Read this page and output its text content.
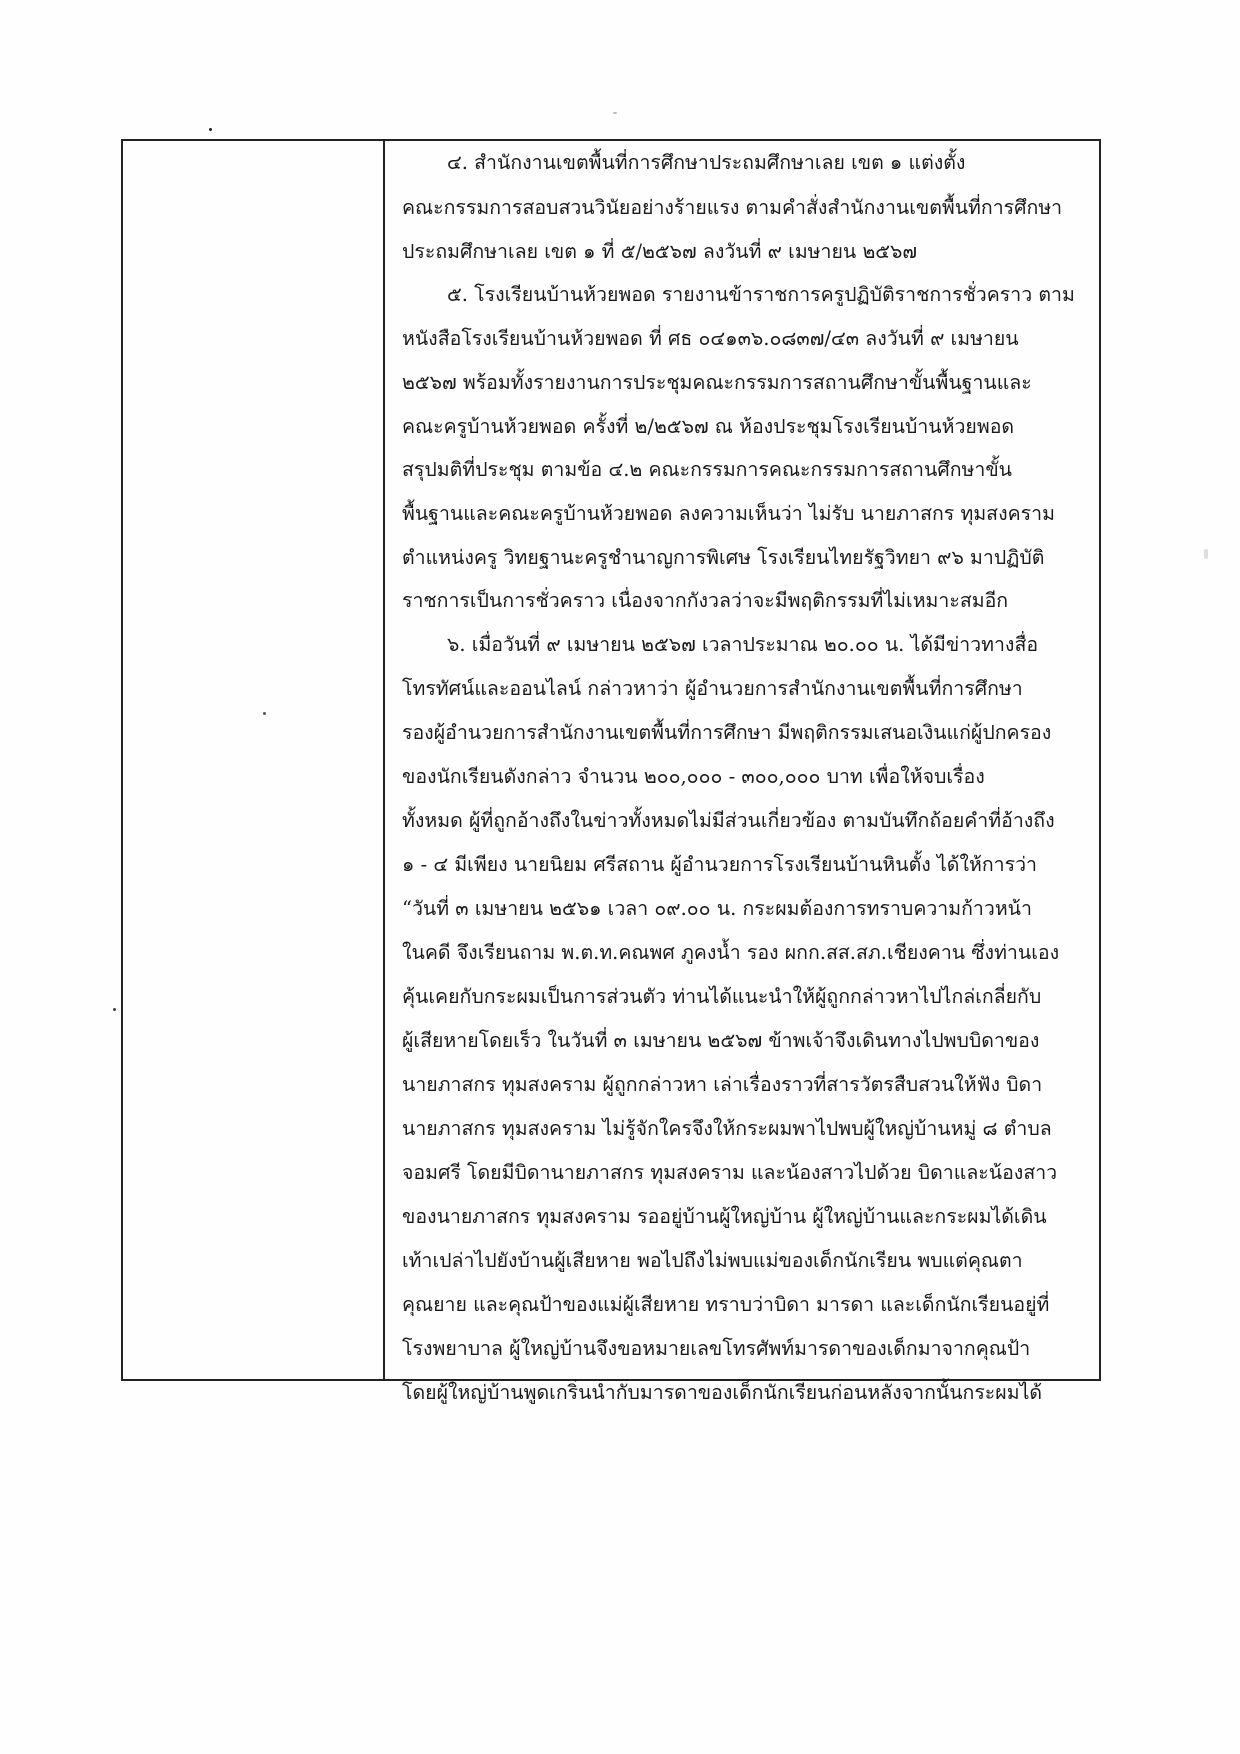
๔. สำนักงานเขตพื้นที่การศึกษาประถมศึกษาเลย เขต ๑ แต่งตั้ง
คณะกรรมการสอบสวนวินัยอย่างร้ายแรง ตามคำสั่งสำนักงานเขตพื้นที่การศึกษา
ประถมศึกษาเลย เขต ๑ ที่ ๕/๒๕๖๗ ลงวันที่ ๙ เมษายน ๒๕๖๗
๕. โรงเรียนบ้านห้วยพอด รายงานข้าราชการครูปฏิบัติราชการชั่วคราว ตาม
หนังสือโรงเรียนบ้านห้วยพอด ที่ ศธ ๐๔๑๓๖.๐๘๓๗/๔๓ ลงวันที่ ๙ เมษายน
๒๕๖๗ พร้อมทั้งรายงานการประชุมคณะกรรมการสถานศึกษาขั้นพื้นฐานและ
คณะครูบ้านห้วยพอด ครั้งที่ ๒/๒๕๖๗ ณ ห้องประชุมโรงเรียนบ้านห้วยพอด
สรุปมติที่ประชุม ตามข้อ ๔.๒ คณะกรรมการคณะกรรมการสถานศึกษาขั้น
พื้นฐานและคณะครูบ้านห้วยพอด ลงความเห็นว่า ไม่รับ นายภาสกร ทุมสงคราม
ตำแหน่งครู วิทยฐานะครูชำนาญการพิเศษ โรงเรียนไทยรัฐวิทยา ๙๖ มาปฏิบัติ
ราชการเป็นการชั่วคราว เนื่องจากกังวลว่าจะมีพฤติกรรมที่ไม่เหมาะสมอีก
๖. เมื่อวันที่ ๙ เมษายน ๒๕๖๗ เวลาประมาณ ๒๐.๐๐ น. ได้มีข่าวทางสื่อ
โทรทัศน์และออนไลน์ กล่าวหาว่า ผู้อำนวยการสำนักงานเขตพื้นที่การศึกษา
รองผู้อำนวยการสำนักงานเขตพื้นที่การศึกษา มีพฤติกรรมเสนอเงินแก่ผู้ปกครอง
ของนักเรียนดังกล่าว จำนวน ๒๐๐,๐๐๐ - ๓๐๐,๐๐๐ บาท เพื่อให้จบเรื่อง
ทั้งหมด ผู้ที่ถูกอ้างถึงในข่าวทั้งหมดไม่มีส่วนเกี่ยวข้อง ตามบันทึกถ้อยคำที่อ้างถึง
๑ - ๔ มีเพียง นายนิยม ศรีสถาน ผู้อำนวยการโรงเรียนบ้านหินตั้ง ได้ให้การว่า
“วันที่ ๓ เมษายน ๒๕๖๑ เวลา ๐๙.๐๐ น. กระผมต้องการทราบความก้าวหน้า
ในคดี จึงเรียนถาม พ.ต.ท.คณพศ ภูคงน้ำ รอง ผกก.สส.สภ.เชียงคาน ซึ่งท่านเอง
คุ้นเคยกับกระผมเป็นการส่วนตัว ท่านได้แนะนำให้ผู้ถูกกล่าวหาไปไกล่เกลี่ยกับ
ผู้เสียหายโดยเร็ว ในวันที่ ๓ เมษายน ๒๕๖๗ ข้าพเจ้าจึงเดินทางไปพบบิดาของ
นายภาสกร ทุมสงคราม ผู้ถูกกล่าวหา เล่าเรื่องราวที่สารวัตรสืบสวนให้ฟัง บิดา
นายภาสกร ทุมสงคราม ไม่รู้จักใครจึงให้กระผมพาไปพบผู้ใหญ่บ้านหมู่ ๘ ตำบล
จอมศรี โดยมีบิดานายภาสกร ทุมสงคราม และน้องสาวไปด้วย บิดาและน้องสาว
ของนายภาสกร ทุมสงคราม รออยู่บ้านผู้ใหญ่บ้าน ผู้ใหญ่บ้านและกระผมได้เดิน
เท้าเปล่าไปยังบ้านผู้เสียหาย พอไปถึงไม่พบแม่ของเด็กนักเรียน พบแต่คุณตา
คุณยาย และคุณป้าของแม่ผู้เสียหาย ทราบว่าบิดา มารดา และเด็กนักเรียนอยู่ที่
โรงพยาบาล ผู้ใหญ่บ้านจึงขอหมายเลขโทรศัพท์มารดาของเด็กมาจากคุณป้า
โดยผู้ใหญ่บ้านพูดเกริ่นนำกับมารดาของเด็กนักเรียนก่อนหลังจากนั้นกระผมได้
